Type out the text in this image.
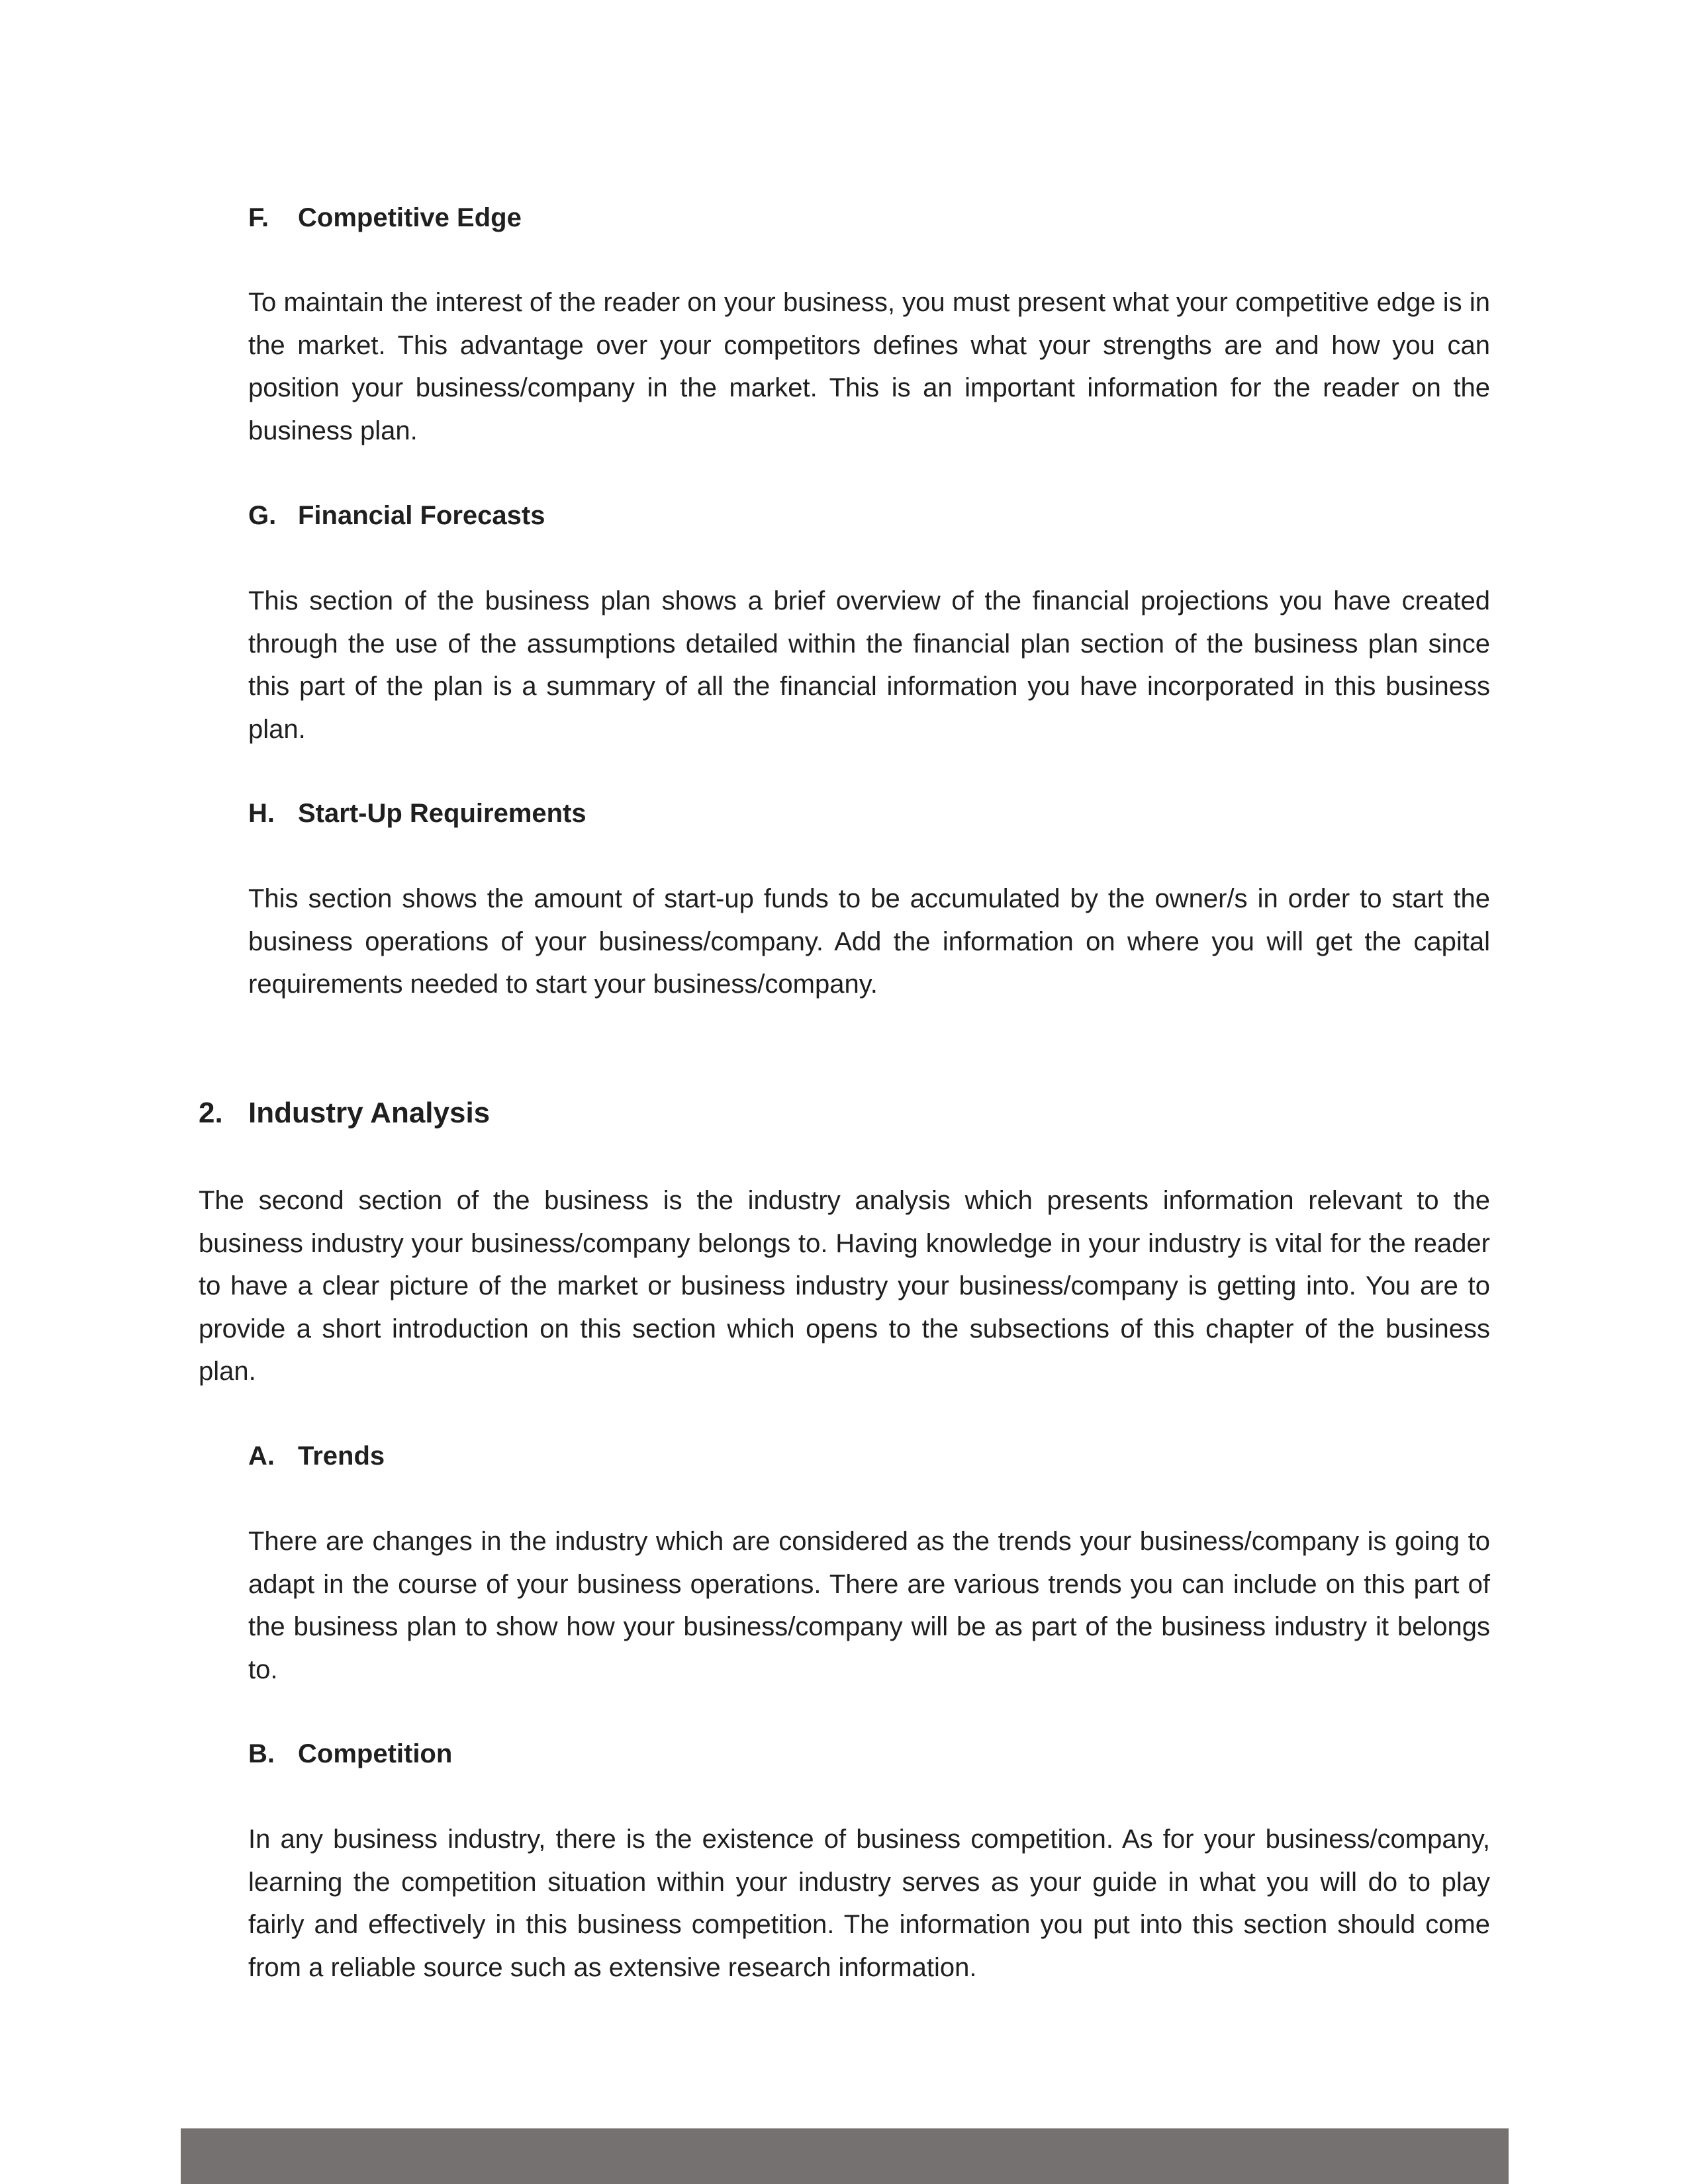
F.	Competitive Edge

To maintain the interest of the reader on your business, you must present what your competitive edge is in the market. This advantage over your competitors defines what your strengths are and how you can position your business/company in the market. This is an important information for the reader on the business plan.

G. Financial Forecasts

This section of the business plan shows a brief overview of the financial projections you have created through the use of the assumptions detailed within the financial plan section of the business plan since this part of the plan is a summary of all the financial information you have incorporated in this business plan.

H. Start-Up Requirements

This section shows the amount of start-up funds to be accumulated by the owner/s in order to start the business operations of your business/company. Add the information on where you will get the capital requirements needed to start your business/company.

2. Industry Analysis

The second section of the business is the industry analysis which presents information relevant to the business industry your business/company belongs to. Having knowledge in your industry is vital for the reader to have a clear picture of the market or business industry your business/company is getting into. You are to provide a short introduction on this section which opens to the subsections of this chapter of the business plan.

A. Trends

There are changes in the industry which are considered as the trends your business/company is going to adapt in the course of your business operations. There are various trends you can include on this part of the business plan to show how your business/company will be as part of the business industry it belongs to.

B. Competition

In any business industry, there is the existence of business competition. As for your business/company, learning the competition situation within your industry serves as your guide in what you will do to play fairly and effectively in this business competition. The information you put into this section should come from a reliable source such as extensive research information.
